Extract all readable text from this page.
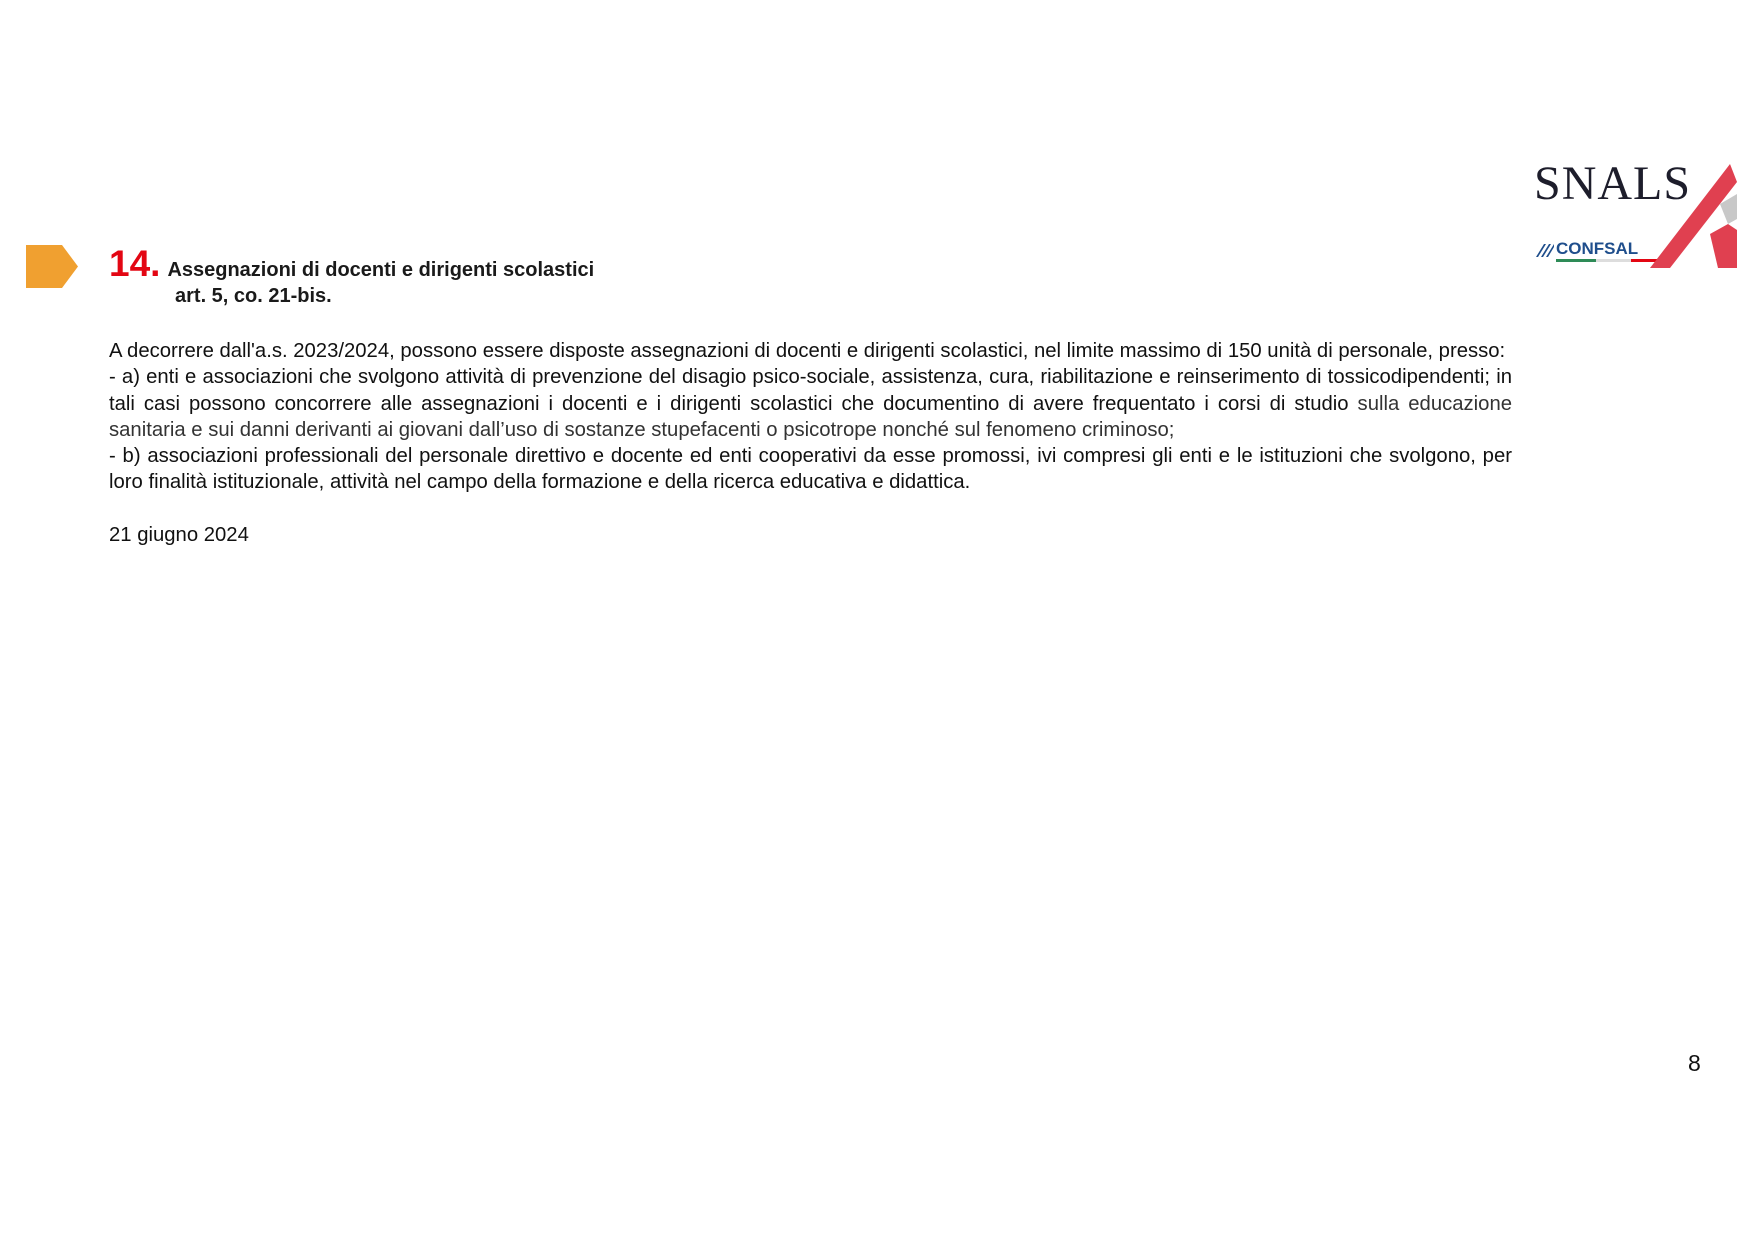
14. Assegnazioni di docenti e dirigenti scolastici
art. 5, co. 21-bis.

A decorrere dall'a.s. 2023/2024, possono essere disposte assegnazioni di docenti e dirigenti scolastici, nel limite massimo di 150 unità di personale, presso:

- a) enti e associazioni che svolgono attività di prevenzione del disagio psico-sociale, assistenza, cura, riabilitazione e reinserimento di tossicodipendenti; in tali casi possono concorrere alle assegnazioni i docenti e i dirigenti scolastici che documentino di avere frequentato i corsi di studio sulla educazione sanitaria e sui danni derivanti ai giovani dall’uso di sostanze stupefacenti o psicotrope nonché sul fenomeno criminoso;

- b) associazioni professionali del personale direttivo e docente ed enti cooperativi da esse promossi, ivi compresi gli enti e le istituzioni che svolgono, per loro finalità istituzionale, attività nel campo della formazione e della ricerca educativa e didattica.

21 giugno 2024

SNALS
CONFSAL
8
